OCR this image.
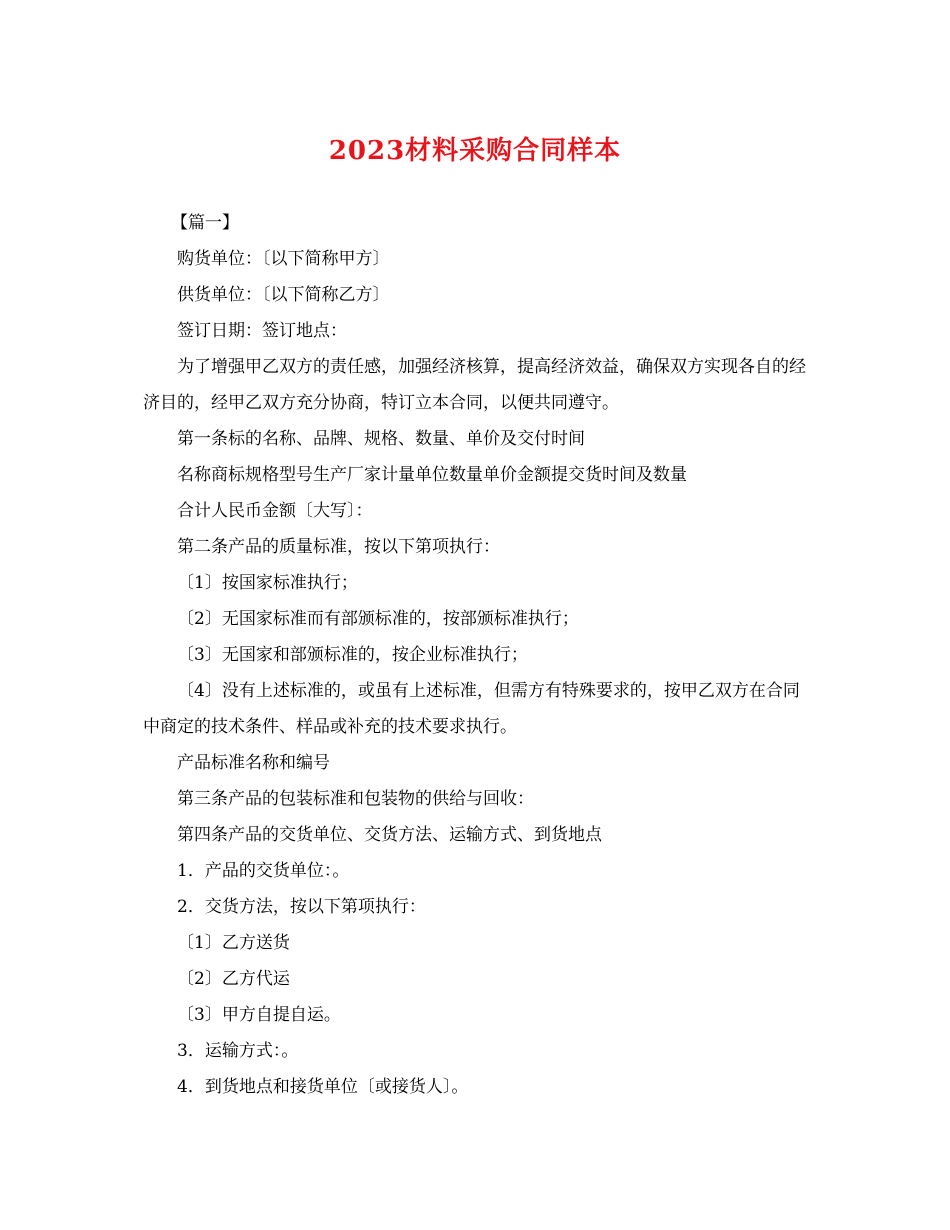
2023材料采购合同样本

【篇一】

购货单位：〔以下简称甲方〕

供货单位：〔以下简称乙方〕

签订日期：签订地点：

为了增强甲乙双方的责任感，加强经济核算，提高经济效益，确保双方实现各自的经济目的，经甲乙双方充分协商，特订立本合同，以便共同遵守。

第一条标的名称、品牌、规格、数量、单价及交付时间

名称商标规格型号生产厂家计量单位数量单价金额提交货时间及数量

合计人民币金额〔大写〕：

第二条产品的质量标准，按以下第项执行：

〔1〕按国家标准执行；

〔2〕无国家标准而有部颁标准的，按部颁标准执行；

〔3〕无国家和部颁标准的，按企业标准执行；

〔4〕没有上述标准的，或虽有上述标准，但需方有特殊要求的，按甲乙双方在合同中商定的技术条件、样品或补充的技术要求执行。

产品标准名称和编号

第三条产品的包装标准和包装物的供给与回收：

第四条产品的交货单位、交货方法、运输方式、到货地点

1．产品的交货单位：。

2．交货方法，按以下第项执行：

〔1〕乙方送货

〔2〕乙方代运

〔3〕甲方自提自运。

3．运输方式：。

4．到货地点和接货单位〔或接货人〕。
